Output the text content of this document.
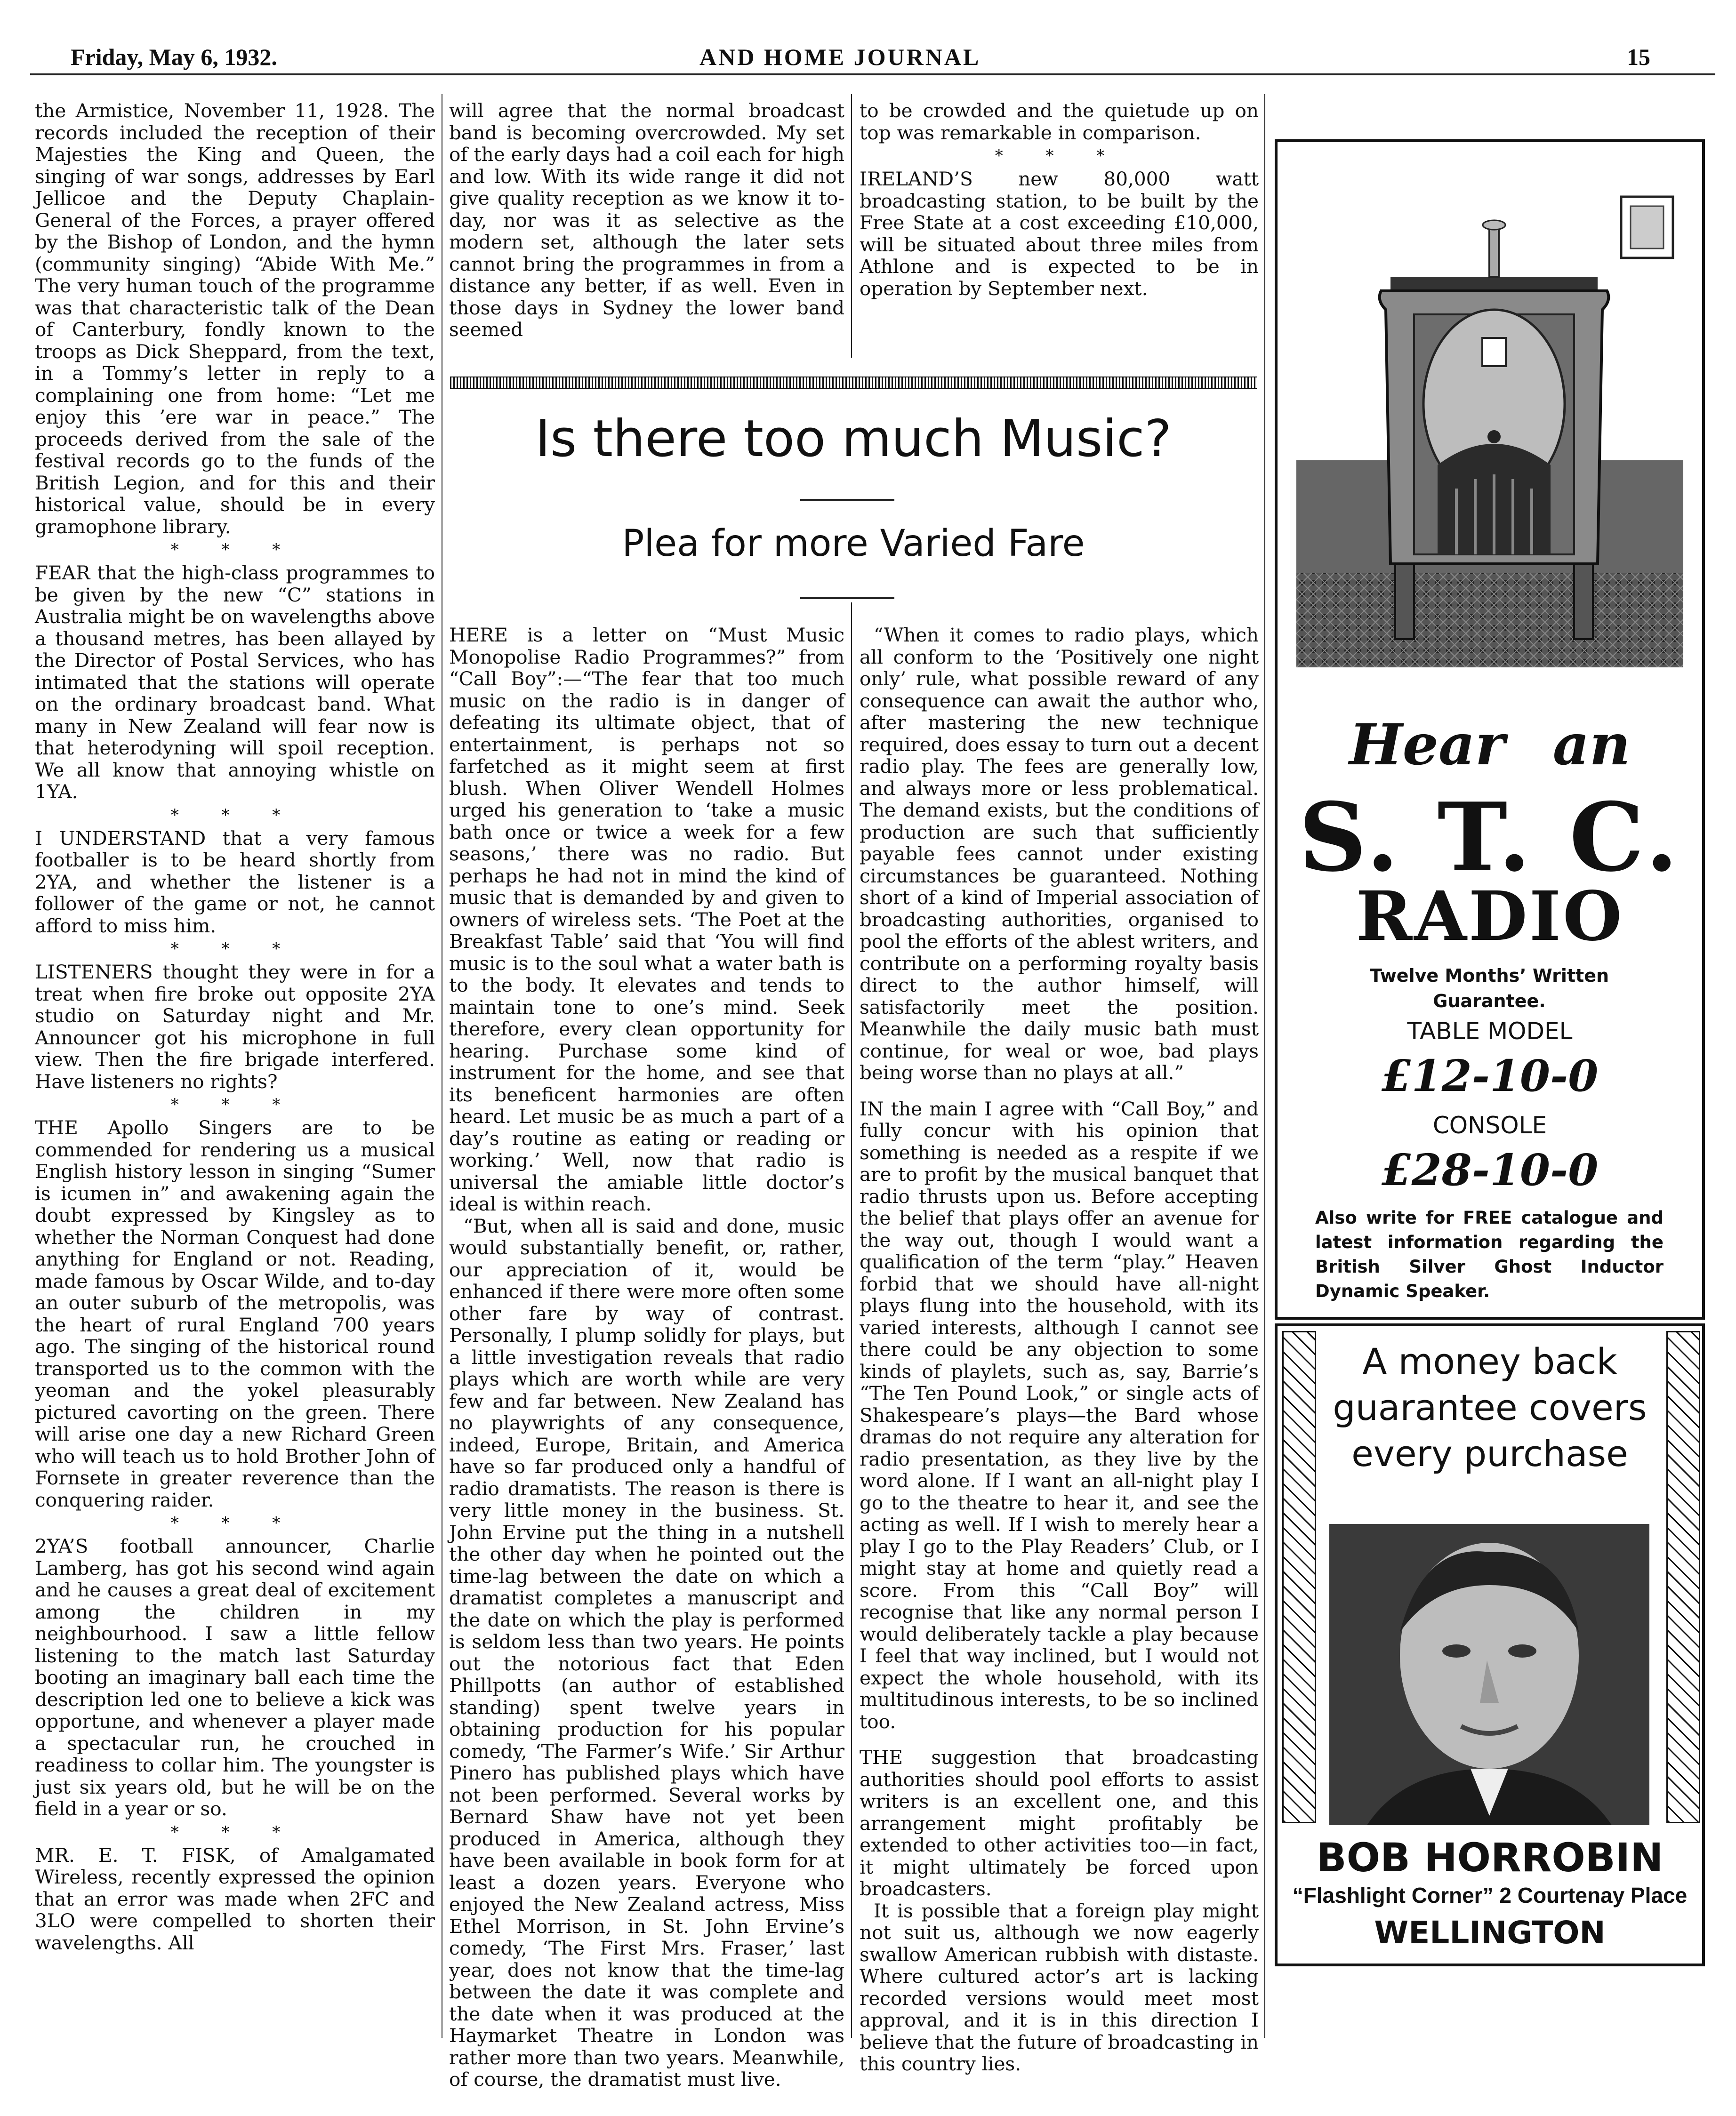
Friday, May 6, 1932.	AND HOME JOURNAL	15

the Armistice, November 11, 1928. The records included the reception of their Majesties the King and Queen, the singing of war songs, addresses by Earl Jellicoe and the Deputy Chaplain-General of the Forces, a prayer offered by the Bishop of London, and the hymn (community singing) “Abide With Me.” The very human touch of the programme was that characteristic talk of the Dean of Canterbury, fondly known to the troops as Dick Sheppard, from the text, in a Tommy’s letter in reply to a complaining one from home: “Let me enjoy this ’ere war in peace.” The proceeds derived from the sale of the festival records go to the funds of the British Legion, and for this and their historical value, should be in every gramophone library.

* * *

FEAR that the high-class programmes to be given by the new “C” stations in Australia might be on wavelengths above a thousand metres, has been allayed by the Director of Postal Services, who has intimated that the stations will operate on the ordinary broadcast band. What many in New Zealand will fear now is that heterodyning will spoil reception. We all know that annoying whistle on 1YA.

* * *

I UNDERSTAND that a very famous footballer is to be heard shortly from 2YA, and whether the listener is a follower of the game or not, he cannot afford to miss him.

* * *

LISTENERS thought they were in for a treat when fire broke out opposite 2YA studio on Saturday night and Mr. Announcer got his microphone in full view. Then the fire brigade interfered. Have listeners no rights?

* * *

THE Apollo Singers are to be commended for rendering us a musical English history lesson in singing “Sumer is icumen in” and awakening again the doubt expressed by Kingsley as to whether the Norman Conquest had done anything for England or not. Reading, made famous by Oscar Wilde, and to-day an outer suburb of the metropolis, was the heart of rural England 700 years ago. The singing of the historical round transported us to the common with the yeoman and the yokel pleasurably pictured cavorting on the green. There will arise one day a new Richard Green who will teach us to hold Brother John of Fornsete in greater reverence than the conquering raider.

* * *

2YA’S football announcer, Charlie Lamberg, has got his second wind again and he causes a great deal of excitement among the children in my neighbourhood. I saw a little fellow listening to the match last Saturday booting an imaginary ball each time the description led one to believe a kick was opportune, and whenever a player made a spectacular run, he crouched in readiness to collar him. The youngster is just six years old, but he will be on the field in a year or so.

* * *

MR. E. T. FISK, of Amalgamated Wireless, recently expressed the opinion that an error was made when 2FC and 3LO were compelled to shorten their wavelengths. All

will agree that the normal broadcast band is becoming overcrowded. My set of the early days had a coil each for high and low. With its wide range it did not give quality reception as we know it to-day, nor was it as selective as the modern set, although the later sets cannot bring the programmes in from a distance any better, if as well. Even in those days in Sydney the lower band seemed

to be crowded and the quietude up on top was remarkable in comparison.

* * *

IRELAND’S new 80,000 watt broadcasting station, to be built by the Free State at a cost exceeding £10,000, will be situated about three miles from Athlone and is expected to be in operation by September next.

Is there too much Music?
Plea for more Varied Fare

HERE is a letter on “Must Music Monopolise Radio Programmes?” from “Call Boy”:—“The fear that too much music on the radio is in danger of defeating its ultimate object, that of entertainment, is perhaps not so farfetched as it might seem at first blush. When Oliver Wendell Holmes urged his generation to ‘take a music bath once or twice a week for a few seasons,’ there was no radio. But perhaps he had not in mind the kind of music that is demanded by and given to owners of wireless sets. ‘The Poet at the Breakfast Table’ said that ‘You will find music is to the soul what a water bath is to the body. It elevates and tends to maintain tone to one’s mind. Seek therefore, every clean opportunity for hearing. Purchase some kind of instrument for the home, and see that its beneficent harmonies are often heard. Let music be as much a part of a day’s routine as eating or reading or working.’ Well, now that radio is universal the amiable little doctor’s ideal is within reach.

“But, when all is said and done, music would substantially benefit, or, rather, our appreciation of it, would be enhanced if there were more often some other fare by way of contrast. Personally, I plump solidly for plays, but a little investigation reveals that radio plays which are worth while are very few and far between. New Zealand has no playwrights of any consequence, indeed, Europe, Britain, and America have so far produced only a handful of radio dramatists. The reason is there is very little money in the business. St. John Ervine put the thing in a nutshell the other day when he pointed out the time-lag between the date on which a dramatist completes a manuscript and the date on which the play is performed is seldom less than two years. He points out the notorious fact that Eden Phillpotts (an author of established standing) spent twelve years in obtaining production for his popular comedy, ‘The Farmer’s Wife.’ Sir Arthur Pinero has published plays which have not been performed. Several works by Bernard Shaw have not yet been produced in America, although they have been available in book form for at least a dozen years. Everyone who enjoyed the New Zealand actress, Miss Ethel Morrison, in St. John Ervine’s comedy, ‘The First Mrs. Fraser,’ last year, does not know that the time-lag between the date it was complete and the date when it was produced at the Haymarket Theatre in London was rather more than two years. Meanwhile, of course, the dramatist must live.

“When it comes to radio plays, which all conform to the ‘Positively one night only’ rule, what possible reward of any consequence can await the author who, after mastering the new technique required, does essay to turn out a decent radio play. The fees are generally low, and always more or less problematical. The demand exists, but the conditions of production are such that sufficiently payable fees cannot under existing circumstances be guaranteed. Nothing short of a kind of Imperial association of broadcasting authorities, organised to pool the efforts of the ablest writers, and contribute on a performing royalty basis direct to the author himself, will satisfactorily meet the position. Meanwhile the daily music bath must continue, for weal or woe, bad plays being worse than no plays at all.”

IN the main I agree with “Call Boy,” and fully concur with his opinion that something is needed as a respite if we are to profit by the musical banquet that radio thrusts upon us. Before accepting the belief that plays offer an avenue for the way out, though I would want a qualification of the term “play.” Heaven forbid that we should have all-night plays flung into the household, with its varied interests, although I cannot see there could be any objection to some kinds of playlets, such as, say, Barrie’s “The Ten Pound Look,” or single acts of Shakespeare’s plays—the Bard whose dramas do not require any alteration for radio presentation, as they live by the word alone. If I want an all-night play I go to the theatre to hear it, and see the acting as well. If I wish to merely hear a play I go to the Play Readers’ Club, or I might stay at home and quietly read a score. From this “Call Boy” will recognise that like any normal person I would deliberately tackle a play because I feel that way inclined, but I would not expect the whole household, with its multitudinous interests, to be so inclined too.

THE suggestion that broadcasting authorities should pool efforts to assist writers is an excellent one, and this arrangement might profitably be extended to other activities too—in fact, it might ultimately be forced upon broadcasters.

It is possible that a foreign play might not suit us, although we now eagerly swallow American rubbish with distaste. Where cultured actor’s art is lacking recorded versions would meet most approval, and it is in this direction I believe that the future of broadcasting in this country lies.

Hear an
S. T. C.
RADIO
Twelve Months’ Written Guarantee.
TABLE MODEL
£12-10-0
CONSOLE
£28-10-0
Also write for FREE catalogue and latest information regarding the British Silver Ghost Inductor Dynamic Speaker.
A money back
guarantee covers
every purchase
BOB HORROBIN
“Flashlight Corner” 2 Courtenay Place
WELLINGTON
